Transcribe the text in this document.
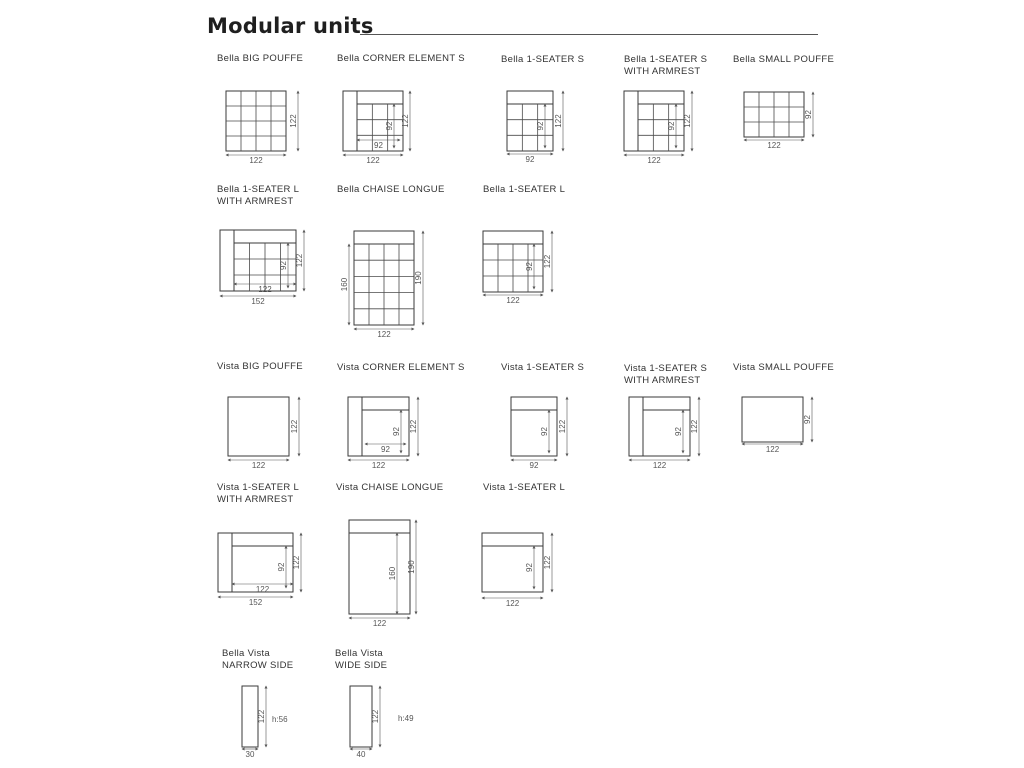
Modular units
Bella BIG POUFFE	Bella CORNER ELEMENT S	Bella 1-SEATER S	Bella 1-SEATER S
WITH ARMREST
Bella SMALL POUFFE
Bella 1-SEATER L
WITH ARMREST
Bella CHAISE LONGUE	Bella 1-SEATER L
Vista BIG POUFFE	Vista CORNER ELEMENT S	Vista 1-SEATER S	Vista 1-SEATER S
WITH ARMREST
Vista SMALL POUFFE
Vista 1-SEATER L
WITH ARMREST
Vista CHAISE LONGUE	Vista 1-SEATER L
Bella Vista
NARROW SIDE
Bella Vista
WIDE SIDE
h:56	h:49
122
122
122
122
92
92
92
122
92
122
122
92
122
92
152
122
122
92
122
160	190
122
122
92
122
122
122
122
92
92
92
122
92
122
122
92
122
92
152
122
122
92
122
160 190
122
122
92
30
122
40
122
